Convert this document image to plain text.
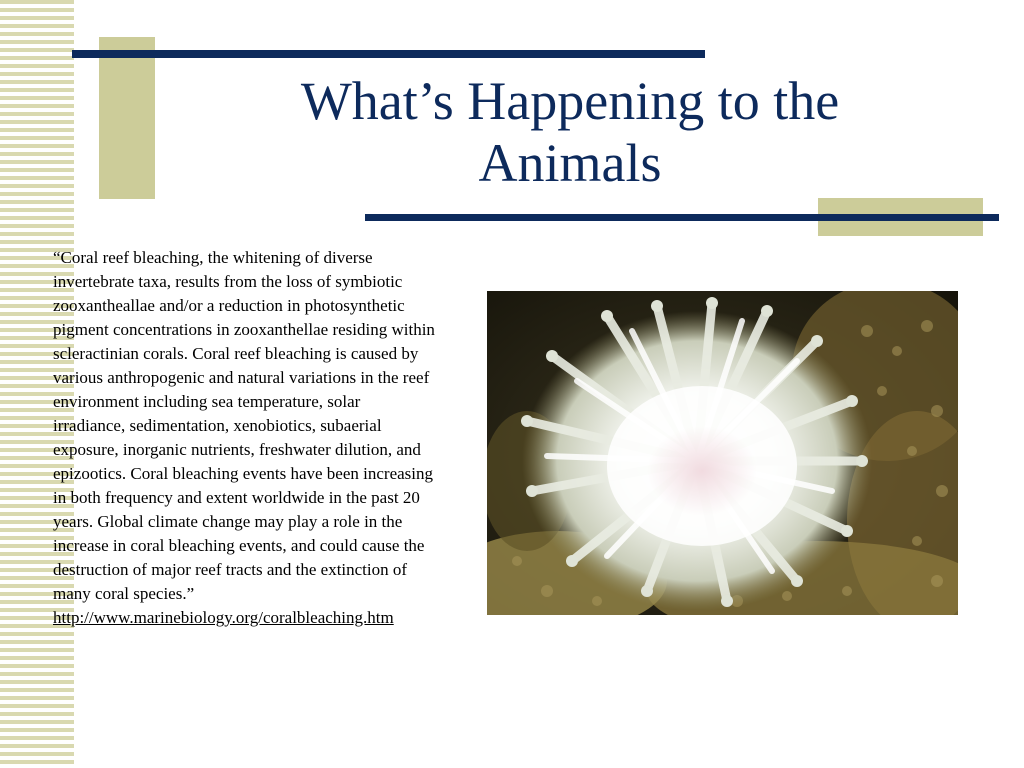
What’s Happening to the Animals

“Coral reef bleaching, the whitening of diverse invertebrate taxa, results from the loss of symbiotic zooxantheallae and/or a reduction in photosynthetic pigment concentrations in zooxanthellae residing within scleractinian corals. Coral reef bleaching is caused by various anthropogenic and natural variations in the reef environment including sea temperature, solar irradiance, sedimentation, xenobiotics, subaerial exposure, inorganic nutrients, freshwater dilution, and epizootics. Coral bleaching events have been increasing in both frequency and extent worldwide in the past 20 years. Global climate change may play a role in the increase in coral bleaching events, and could cause the destruction of major reef tracts and the extinction of many coral species.”

http://www.marinebiology.org/coralbleaching.htm
